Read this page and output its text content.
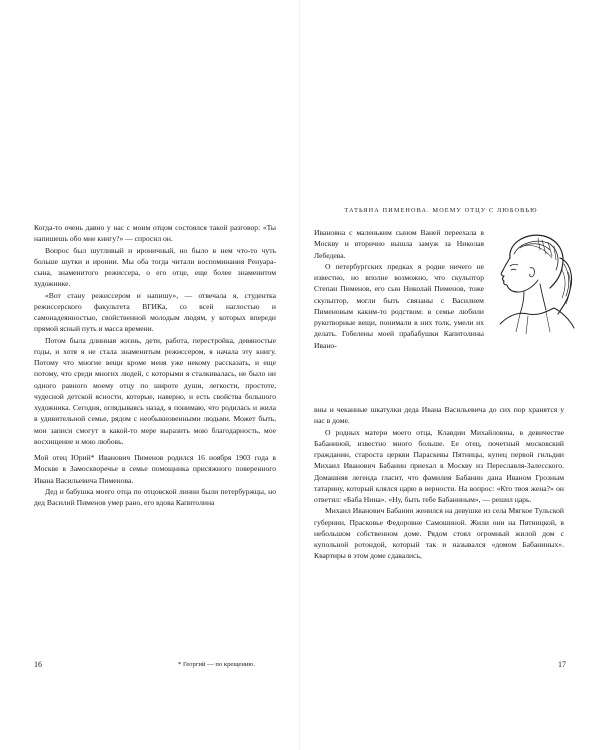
Когда-то очень давно у нас с моим отцом состоялся такой разговор: «Ты напишешь обо мне книгу?» — спросил он.

Вопрос был шутливый и ироничный, но было в нем что-то чуть больше шутки и иронии. Мы оба тогда читали воспоминания Ренуара-сына, знаменитого режиссера, о его отце, еще более знаменитом художнике.

«Вот стану режиссером и напишу», — отвечала я, студентка режиссерского факультета ВГИКа, со всей наглостью и самонадеянностью, свойственной молодым людям, у которых впереди прямой ясный путь и масса времени.

Потом была длинная жизнь, дети, работа, перестройка, девяностые годы, и хотя я не стала знаменитым режиссером, я начала эту книгу. Потому что многие вещи кроме меня уже некому рассказать, и еще потому, что среди многих людей, с которыми я сталкивалась, не было ни одного равного моему отцу по широте души, легкости, простоте, чудесной детской ясности, которые, наверно, и есть свойства большого художника. Сегодня, оглядываясь назад, я понимаю, что родилась и жила в удивительной семье, рядом с необыкновенными людьми. Может быть, мои записи смогут в какой-то мере выразить мою благодарность, мое восхищение и мою любовь.

Мой отец Юрий* Иванович Пименов родился 16 ноября 1903 года в Москве в Замоскворечье в семье помощника присяжного поверенного Ивана Васильевича Пименова.

Дед и бабушка моего отца по отцовской линии были петербуржцы, но дед Василий Пименов умер рано, его вдова Капитолина

16	* Георгий — по крещению.
ТАТЬЯНА ПИМЕНОВА. МОЕМУ ОТЦУ С ЛЮБОВЬЮ

Ивановна с маленьким сыном Ваней переехала в Москву и вторично вышла замуж за Николая Лебедева.

О петербургских предках я родне ничего не известно, но вполне возможно, что скульптор Степан Пименов, его сын Николай Пименов, тоже скульптор, могли быть связаны с Василием Пименовым каким-то родством: в семье любили рукотворные вещи, понимали в них толк, умели их делать. Гобелены моей прабабушки Капитолины Ивано-

вны и чеканные шкатулки деда Ивана Васильевича до сих пор хранятся у нас в доме.

О родных матери моего отца, Клавдии Михайловны, в девичестве Бабаниной, известно много больше. Ее отец, почетный московский гражданин, староста церкви Параскевы Пятницы, купец первой гильдии Михаил Иванович Бабанин приехал в Москву из Переславля-Залесского. Домашняя легенда гласит, что фамилия Бабанин дана Иваном Грозным татарину, который клялся царю в верности. На вопрос: «Кто твоя жена?» он ответил: «Баба Нина». «Ну, быть тебе Бабаниным», — решил царь.

Михаил Иванович Бабанин женился на девушке из села Мягкое Тульской губернии, Прасковье Федоровне Самошиной. Жили они на Пятницкой, в небольшом собственном доме. Рядом стоял огромный жилой дом с купольной ротондой, который так и назывался «домом Бабаниных». Квартиры в этом доме сдавались,

17
